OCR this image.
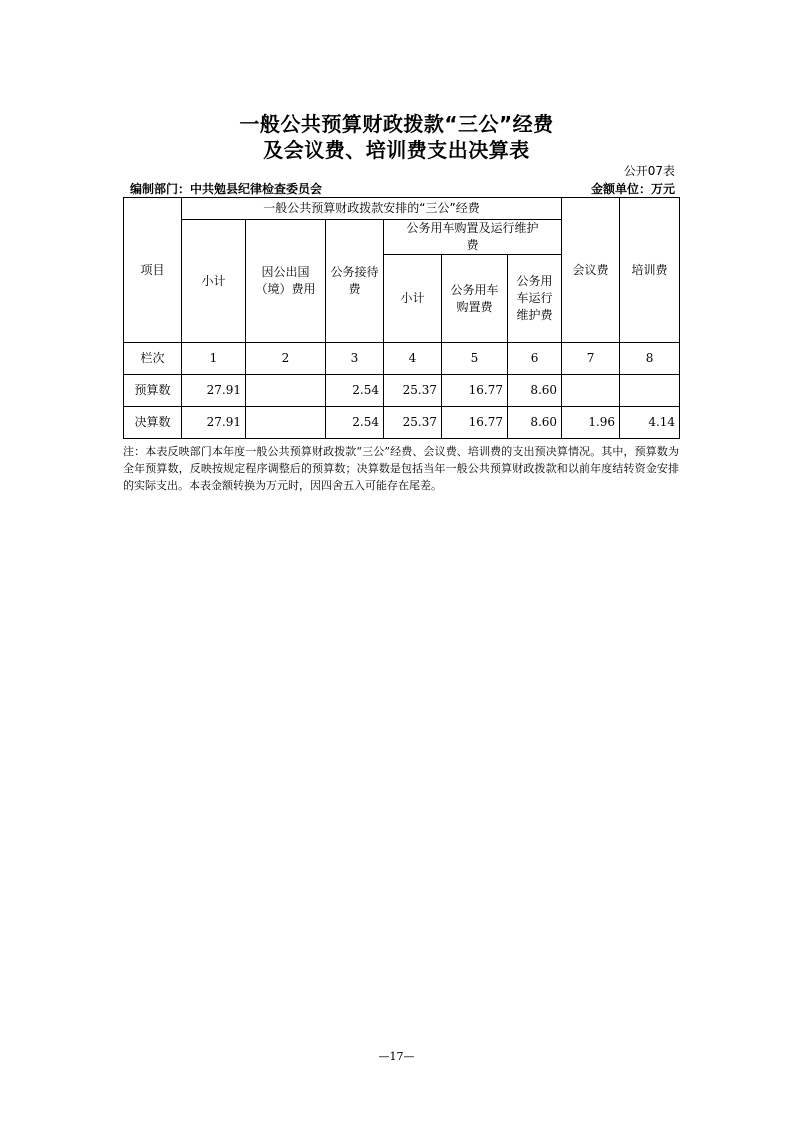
一般公共预算财政拨款“三公”经费
及会议费、培训费支出决算表
公开07表
编制部门：中共勉县纪律检查委员会	金额单位：万元
项目	一般公共预算财政拨款安排的“三公”经费						会议费	培训费
	小计	因公出国（境）费用	公务接待费	公务用车购置及运行维护费				
				小计	公务用车购置费	公务用车运行维护费		

栏次	1	2	3	4	5	6	7	8
预算数	27.91		2.54	25.37	16.77	8.60		
决算数	27.91		2.54	25.37	16.77	8.60	1.96	4.14
注：本表反映部门本年度一般公共预算财政拨款“三公”经费、会议费、培训费的支出预决算情况。其中，预算数为全年预算数，反映按规定程序调整后的预算数；决算数是包括当年一般公共预算财政拨款和以前年度结转资金安排的实际支出。本表金额转换为万元时，因四舍五入可能存在尾差。
—17—
